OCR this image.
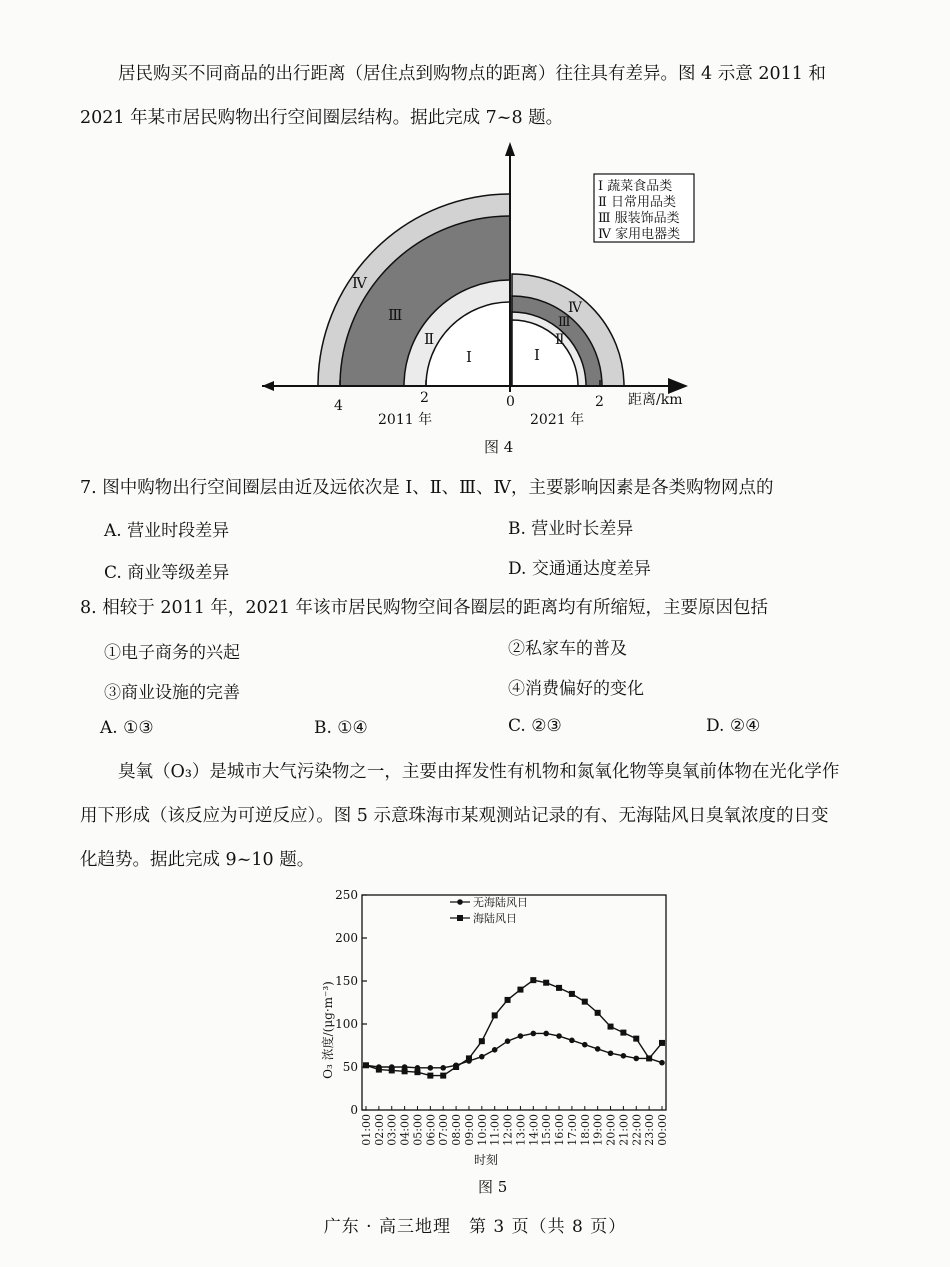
居民购买不同商品的出行距离（居住点到购物点的距离）往往具有差异。图 4 示意 2011 和
2021 年某市居民购物出行空间圈层结构。据此完成 7~8 题。
Ⅳ
Ⅲ
Ⅱ
Ⅰ
Ⅳ
Ⅲ
Ⅱ
Ⅰ
4	2	0	2 距离/km
2011 年	2021 年
Ⅰ 蔬菜食品类
Ⅱ 日常用品类
Ⅲ 服装饰品类
Ⅳ 家用电器类
图 4
7. 图中购物出行空间圈层由近及远依次是 Ⅰ、Ⅱ、Ⅲ、Ⅳ，主要影响因素是各类购物网点的
A. 营业时段差异	B. 营业时长差异
C. 商业等级差异	D. 交通通达度差异
8. 相较于 2011 年，2021 年该市居民购物空间各圈层的距离均有所缩短，主要原因包括
①电子商务的兴起	②私家车的普及
③商业设施的完善	④消费偏好的变化
A. ①③	B. ①④	C. ②③	D. ②④
臭氧（O₃）是城市大气污染物之一，主要由挥发性有机物和氮氧化物等臭氧前体物在光化学作
用下形成（该反应为可逆反应）。图 5 示意珠海市某观测站记录的有、无海陆风日臭氧浓度的日变
化趋势。据此完成 9~10 题。
0
50
100
150
200
250
01:00 02:00 03:00 04:00 05:00 06:00 07:00 08:00 09:00 10:00 11:00 12:00 13:00 14:00 15:00 16:00 17:00 18:00 19:00 20:00 21:00 22:00 23:00 00:00
O₃ 浓度/(μg·m⁻³)
时刻
无海陆风日
海陆风日
图 5
广东 · 高三地理　第 3 页（共 8 页）
